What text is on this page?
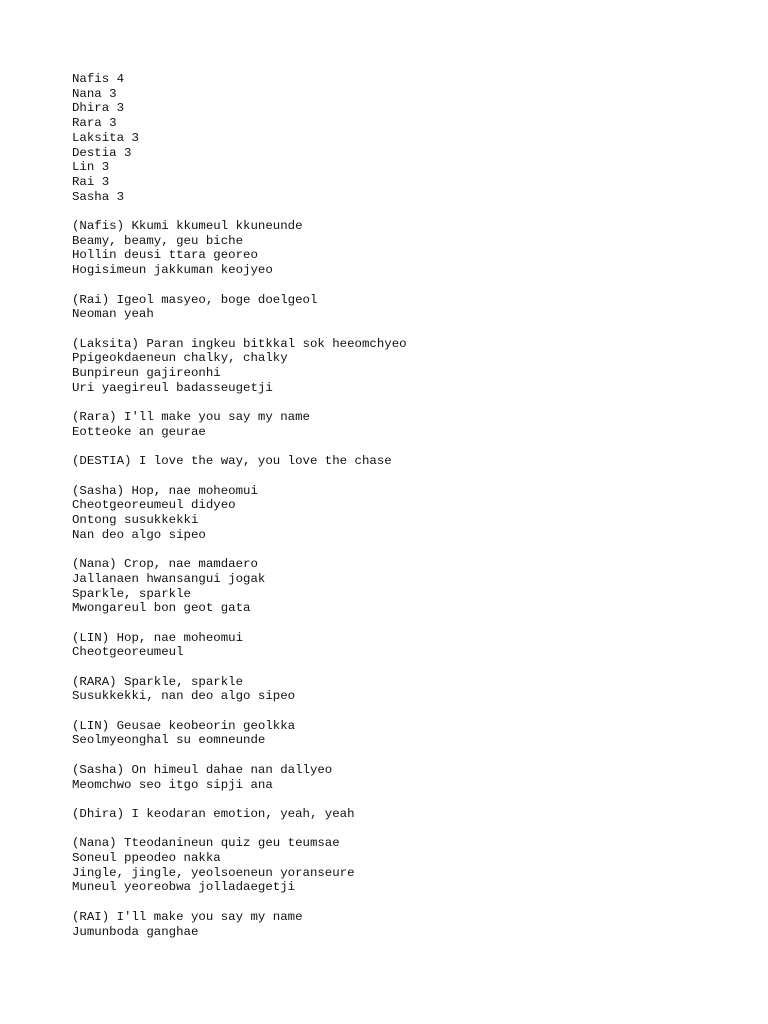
Nafis 4
Nana 3
Dhira 3
Rara 3
Laksita 3
Destia 3
Lin 3
Rai 3
Sasha 3
(Nafis) Kkumi kkumeul kkuneunde
Beamy, beamy, geu biche
Hollin deusi ttara georeo
Hogisimeun jakkuman keojyeo
(Rai) Igeol masyeo, boge doelgeol
Neoman yeah
(Laksita) Paran ingkeu bitkkal sok heeomchyeo
Ppigeokdaeneun chalky, chalky
Bunpireun gajireonhi
Uri yaegireul badasseugetji
(Rara) I'll make you say my name
Eotteoke an geurae
(DESTIA) I love the way, you love the chase
(Sasha) Hop, nae moheomui
Cheotgeoreumeul didyeo
Ontong susukkekki
Nan deo algo sipeo
(Nana) Crop, nae mamdaero
Jallanaen hwansangui jogak
Sparkle, sparkle
Mwongareul bon geot gata
(LIN) Hop, nae moheomui
Cheotgeoreumeul
(RARA) Sparkle, sparkle
Susukkekki, nan deo algo sipeo
(LIN) Geusae keobeorin geolkka
Seolmyeonghal su eomneunde
(Sasha) On himeul dahae nan dallyeo
Meomchwo seo itgo sipji ana
(Dhira) I keodaran emotion, yeah, yeah
(Nana) Tteodanineun quiz geu teumsae
Soneul ppeodeo nakka
Jingle, jingle, yeolsoeneun yoranseure
Muneul yeoreobwa jolladaegetji
(RAI) I'll make you say my name
Jumunboda ganghae
